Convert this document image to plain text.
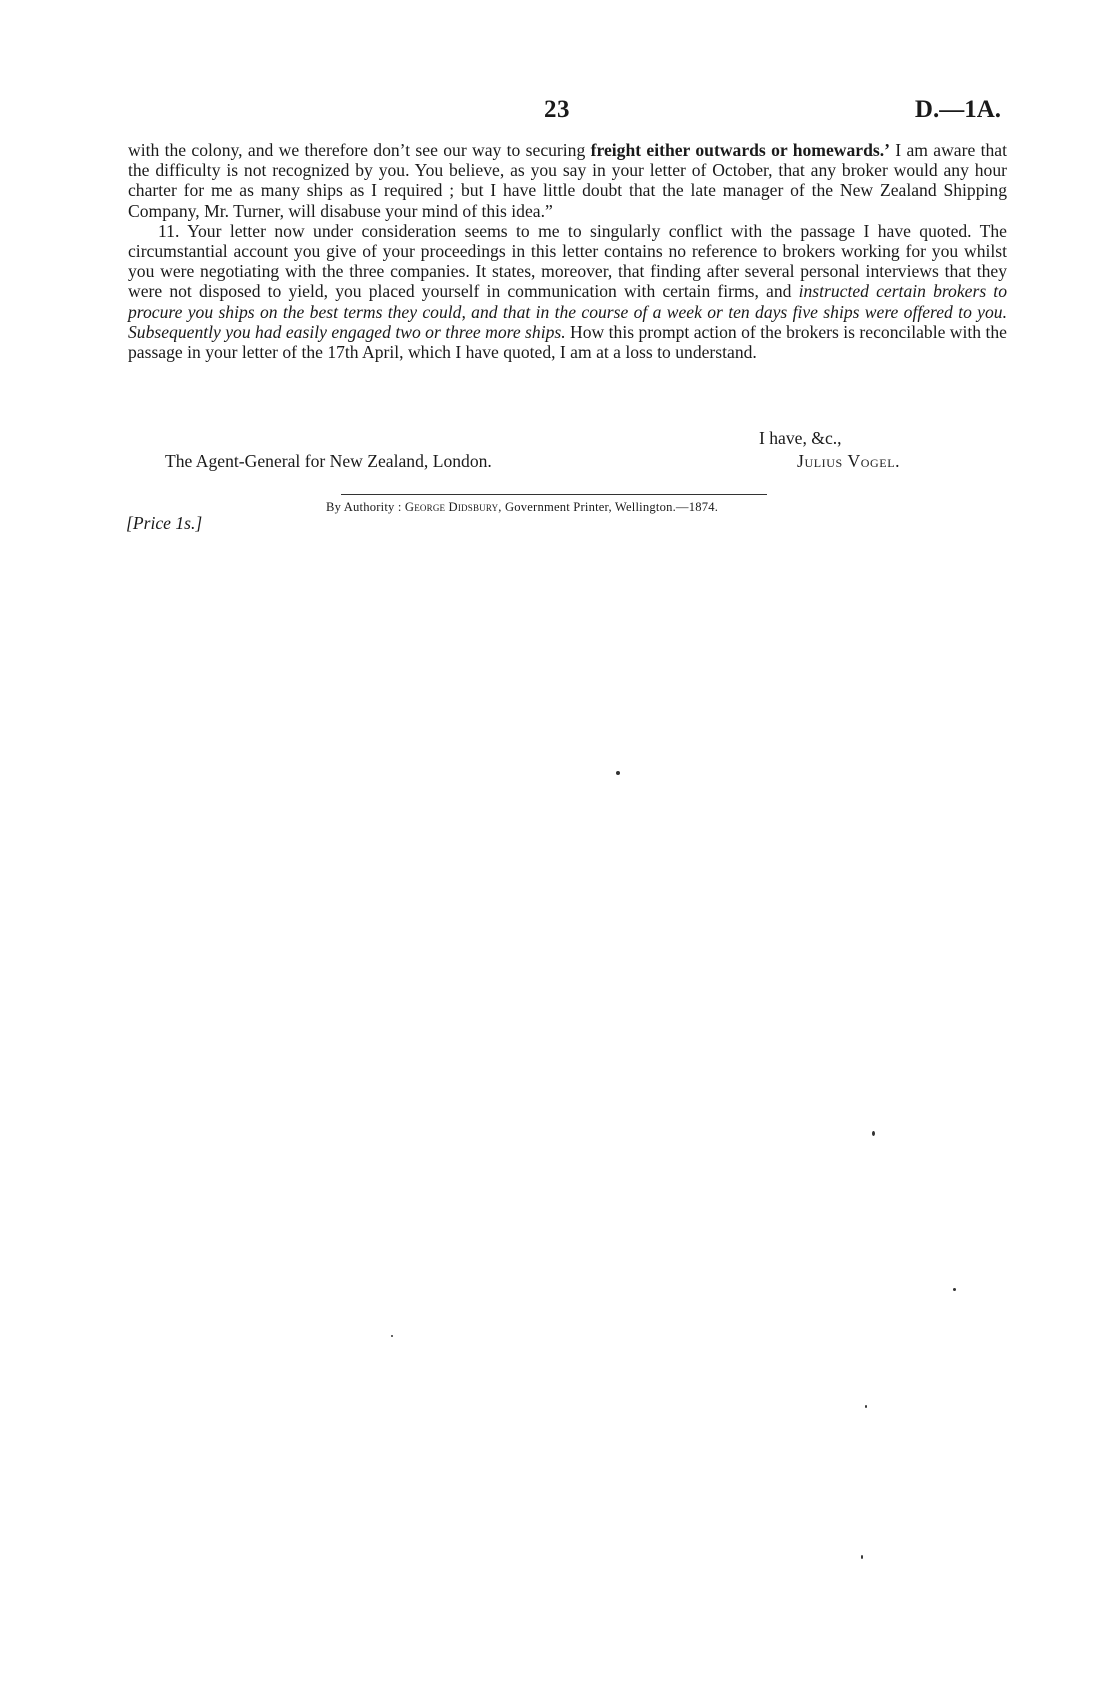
23	D.—1A.

with the colony, and we therefore don’t see our way to securing freight either outwards or homewards.’ I am aware that the difficulty is not recognized by you. You believe, as you say in your letter of October, that any broker would any hour charter for me as many ships as I required ; but I have little doubt that the late manager of the New Zealand Shipping Company, Mr. Turner, will disabuse your mind of this idea.”

11. Your letter now under consideration seems to me to singularly conflict with the passage I have quoted. The circumstantial account you give of your proceedings in this letter contains no reference to brokers working for you whilst you were negotiating with the three companies. It states, moreover, that finding after several personal interviews that they were not disposed to yield, you placed yourself in communication with certain firms, and instructed certain brokers to procure you ships on the best terms they could, and that in the course of a week or ten days five ships were offered to you. Subsequently you had easily engaged two or three more ships. How this prompt action of the brokers is reconcilable with the passage in your letter of the 17th April, which I have quoted, I am at a loss to understand.

I have, &c.,
The Agent-General for New Zealand, London.	Julius Vogel.
By Authority : George Didsbury, Government Printer, Wellington.—1874.
[Price 1s.]
